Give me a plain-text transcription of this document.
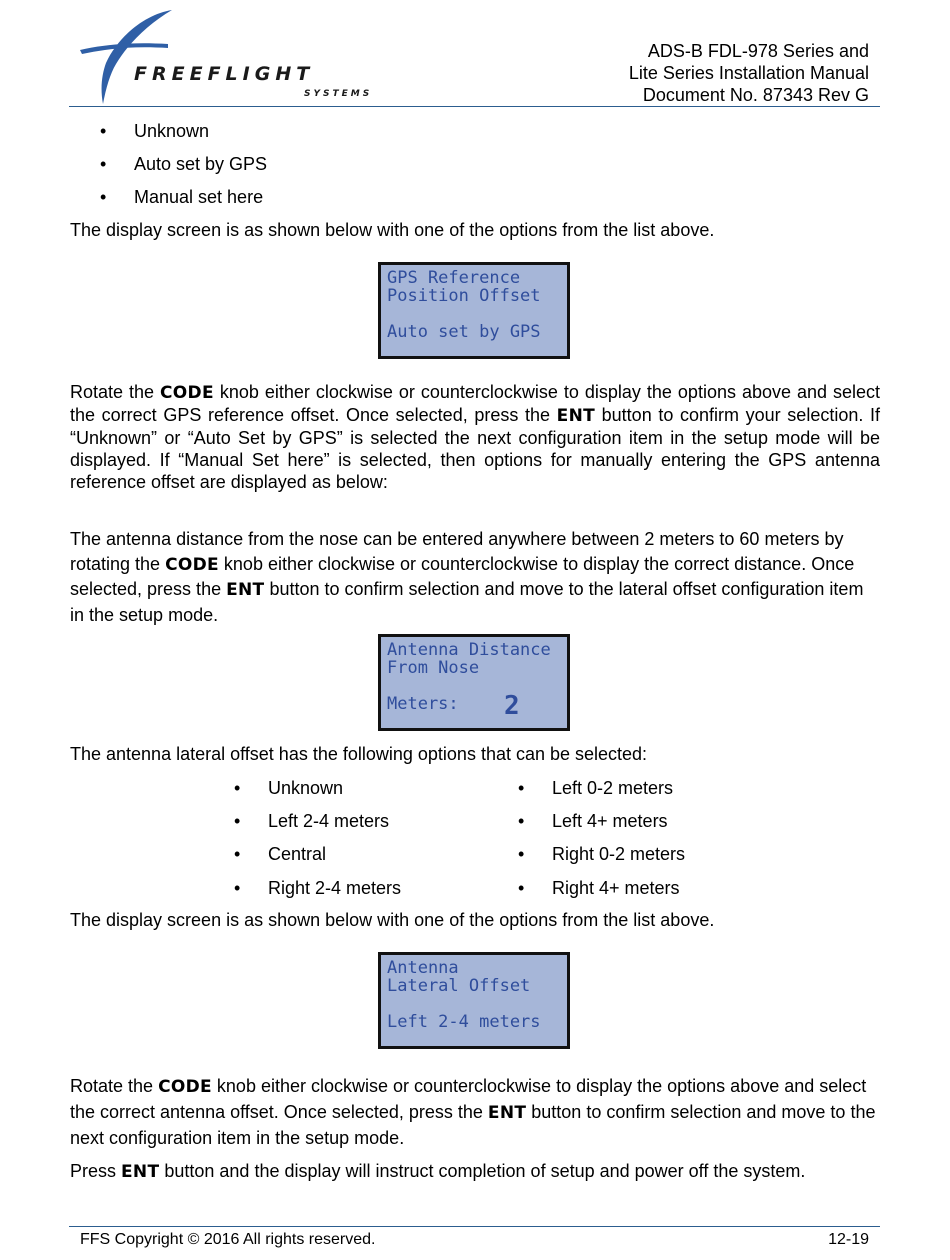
FREEFLIGHT
SYSTEMS
ADS-B FDL-978 Series and
Lite Series Installation Manual
Document No. 87343 Rev G
• Unknown
• Auto set by GPS
• Manual set here
The display screen is as shown below with one of the options from the list above.
GPS Reference
Position Offset
Auto set by GPS
Rotate the CODE knob either clockwise or counterclockwise to display the options above and select the correct GPS reference offset. Once selected, press the ENT button to confirm your selection. If “Unknown” or “Auto Set by GPS” is selected the next configuration item in the setup mode will be displayed. If “Manual Set here” is selected, then options for manually entering the GPS antenna reference offset are displayed as below:
The antenna distance from the nose can be entered anywhere between 2 meters to 60 meters by rotating the CODE knob either clockwise or counterclockwise to display the correct distance. Once selected, press the ENT button to confirm selection and move to the lateral offset configuration item in the setup mode.
Antenna Distance
From Nose
Meters:	2
The antenna lateral offset has the following options that can be selected:
• Unknown
• Left 2-4 meters
• Central
• Right 2-4 meters
• Left 0-2 meters
• Left 4+ meters
• Right 0-2 meters
• Right 4+ meters
The display screen is as shown below with one of the options from the list above.
Antenna
Lateral Offset
Left 2-4 meters
Rotate the CODE knob either clockwise or counterclockwise to display the options above and select the correct antenna offset. Once selected, press the ENT button to confirm selection and move to the next configuration item in the setup mode.
Press ENT button and the display will instruct completion of setup and power off the system.
FFS Copyright © 2016 All rights reserved.	12-19
